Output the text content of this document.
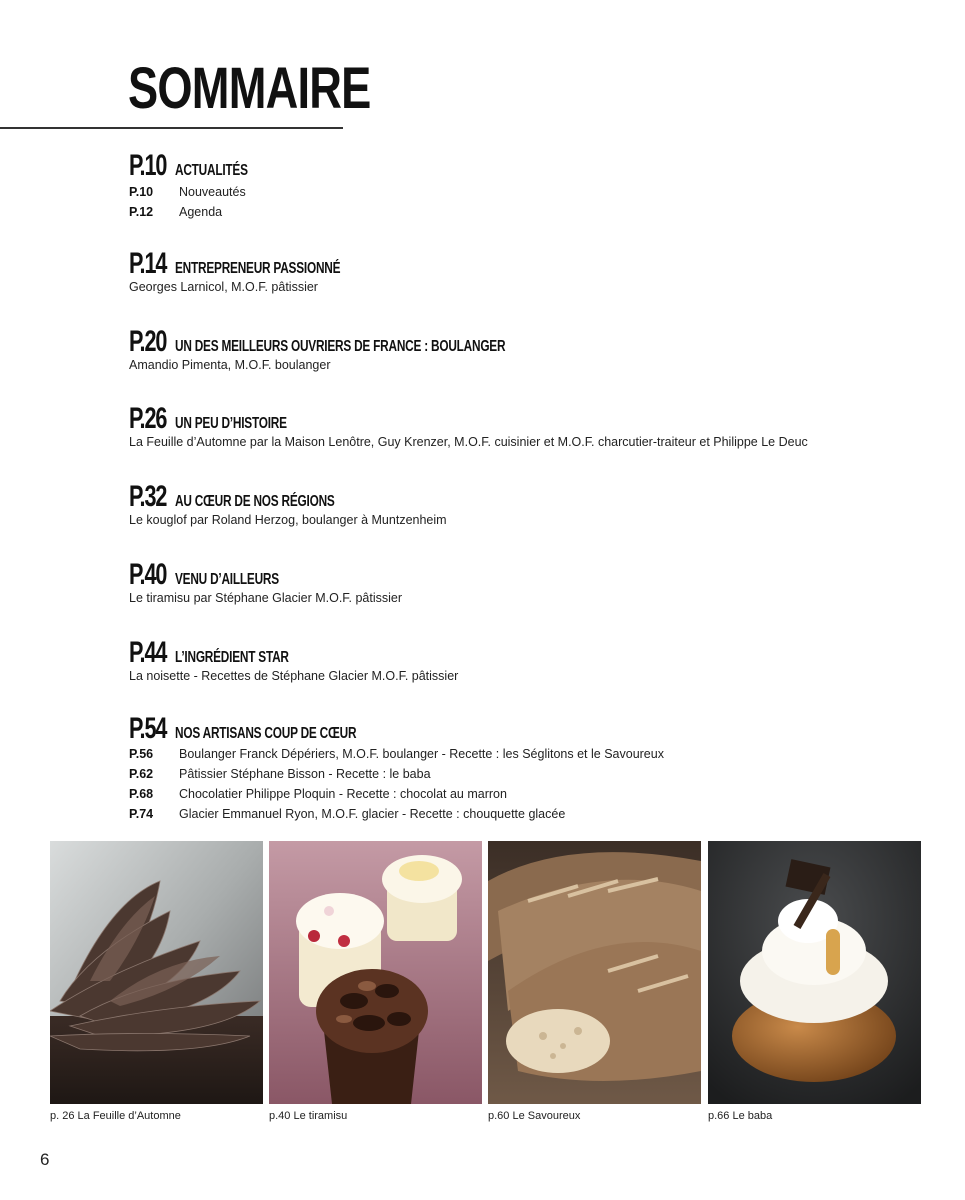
SOMMAIRE
P.10 ACTUALITÉS
P.10	Nouveautés
P.12	Agenda
P.14 ENTREPRENEUR PASSIONNÉ
Georges Larnicol, M.O.F. pâtissier
P.20 UN DES MEILLEURS OUVRIERS DE FRANCE : BOULANGER
Amandio Pimenta, M.O.F. boulanger
P.26 UN PEU D’HISTOIRE
La Feuille d’Automne par la Maison Lenôtre, Guy Krenzer, M.O.F. cuisinier et M.O.F. charcutier-traiteur et Philippe Le Deuc
P.32 AU CŒUR DE NOS RÉGIONS
Le kouglof par Roland Herzog, boulanger à Muntzenheim
P.40 VENU D’AILLEURS
Le tiramisu par Stéphane Glacier M.O.F. pâtissier
P.44 L’INGRÉDIENT STAR
La noisette - Recettes de Stéphane Glacier M.O.F. pâtissier
P.54 NOS ARTISANS COUP DE CŒUR
P.56	Boulanger Franck Dépériers, M.O.F. boulanger - Recette : les Séglitons et le Savoureux
P.62	Pâtissier Stéphane Bisson - Recette : le baba
P.68	Chocolatier Philippe Ploquin - Recette : chocolat au marron
P.74	Glacier Emmanuel Ryon, M.O.F. glacier - Recette : chouquette glacée
p. 26 La Feuille d’Automne	p.40 Le tiramisu	p.60 Le Savoureux	p.66 Le baba
6
